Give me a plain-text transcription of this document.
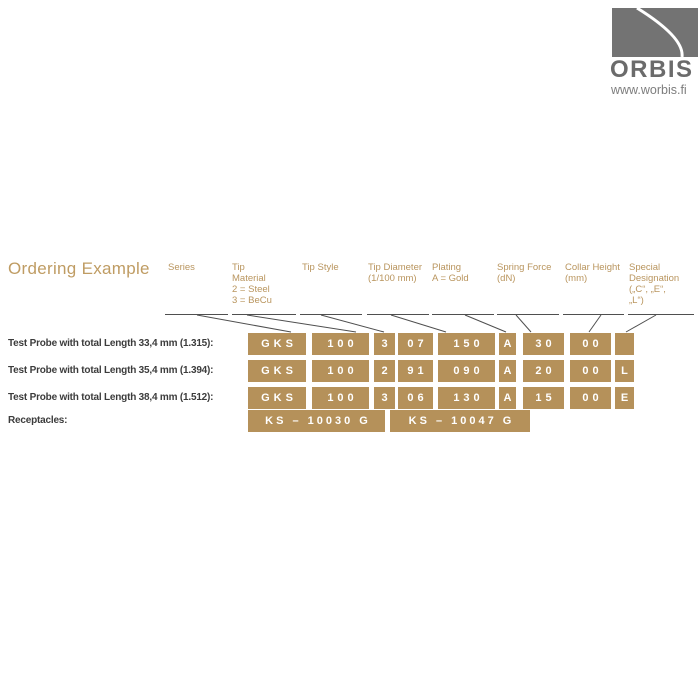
ORBIS
www.worbis.fi
Ordering Example Series	Tip
Material
2 = Steel
3 = BeCu
Tip Style	Tip Diameter
(1/100 mm)
Plating
A = Gold
Spring Force
(dN)
Collar Height
(mm)
Special
Designation
(„C“, „E“,
„L“)
Test Probe with total Length 33,4 mm (1.315):	GKS	100	3	07	150	A	30	00
Test Probe with total Length 35,4 mm (1.394):	GKS	100	2	91	090	A	20	00	L
Test Probe with total Length 38,4 mm (1.512):	GKS	100	3	06	130	A	15	00	E
Receptacles:	KS – 10030 G	KS – 10047 G
